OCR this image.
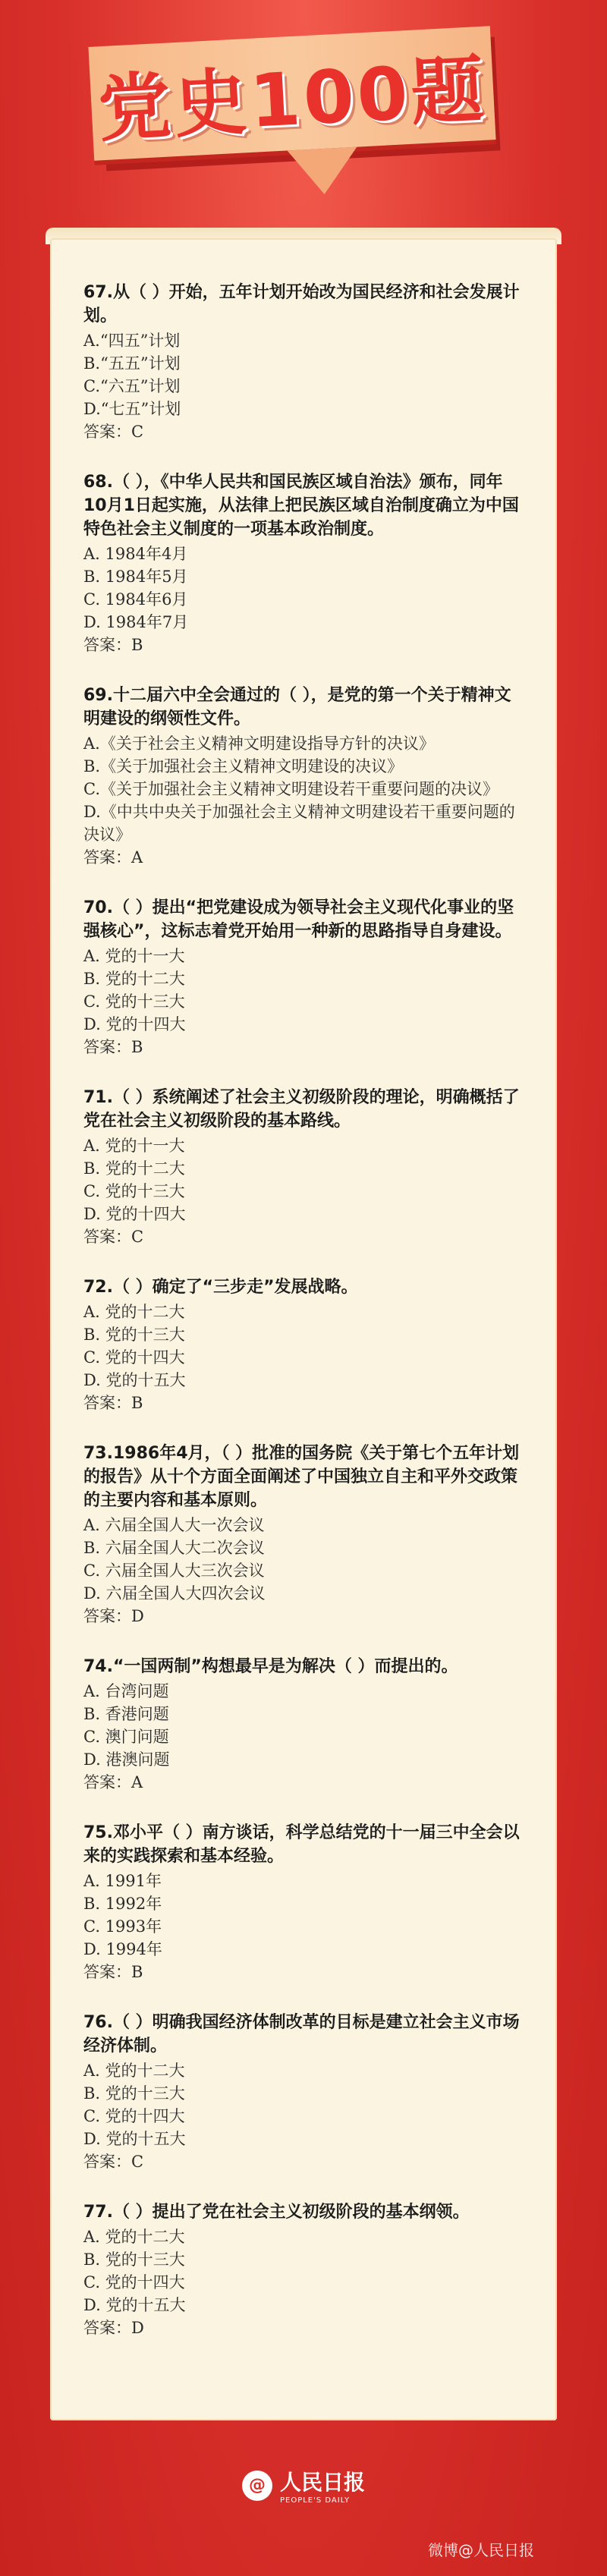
党史100题

67.从（ ）开始，五年计划开始改为国民经济和社会发展计划。

A.“四五”计划

B.“五五”计划

C.“六五”计划

D.“七五”计划

答案：C

68.（ ），《中华人民共和国民族区域自治法》颁布，同年10月1日起实施，从法律上把民族区域自治制度确立为中国特色社会主义制度的一项基本政治制度。

A. 1984年4月

B. 1984年5月

C. 1984年6月

D. 1984年7月

答案：B

69.十二届六中全会通过的（ ），是党的第一个关于精神文明建设的纲领性文件。

A.《关于社会主义精神文明建设指导方针的决议》

B.《关于加强社会主义精神文明建设的决议》

C.《关于加强社会主义精神文明建设若干重要问题的决议》

D.《中共中央关于加强社会主义精神文明建设若干重要问题的决议》

答案：A

70.（ ）提出“把党建设成为领导社会主义现代化事业的坚强核心”，这标志着党开始用一种新的思路指导自身建设。

A. 党的十一大

B. 党的十二大

C. 党的十三大

D. 党的十四大

答案：B

71.（ ）系统阐述了社会主义初级阶段的理论，明确概括了党在社会主义初级阶段的基本路线。

A. 党的十一大

B. 党的十二大

C. 党的十三大

D. 党的十四大

答案：C

72.（ ）确定了“三步走”发展战略。

A. 党的十二大

B. 党的十三大

C. 党的十四大

D. 党的十五大

答案：B

73.1986年4月，（ ）批准的国务院《关于第七个五年计划的报告》从十个方面全面阐述了中国独立自主和平外交政策的主要内容和基本原则。

A. 六届全国人大一次会议

B. 六届全国人大二次会议

C. 六届全国人大三次会议

D. 六届全国人大四次会议

答案：D

74.“一国两制”构想最早是为解决（ ）而提出的。

A. 台湾问题

B. 香港问题

C. 澳门问题

D. 港澳问题

答案：A

75.邓小平（ ）南方谈话，科学总结党的十一届三中全会以来的实践探索和基本经验。

A. 1991年

B. 1992年

C. 1993年

D. 1994年

答案：B

76.（ ）明确我国经济体制改革的目标是建立社会主义市场经济体制。

A. 党的十二大

B. 党的十三大

C. 党的十四大

D. 党的十五大

答案：C

77.（ ）提出了党在社会主义初级阶段的基本纲领。

A. 党的十二大

B. 党的十三大

C. 党的十四大

D. 党的十五大

答案：D

@ 人民日报
PEOPLE'S DAILY
微博@人民日报
